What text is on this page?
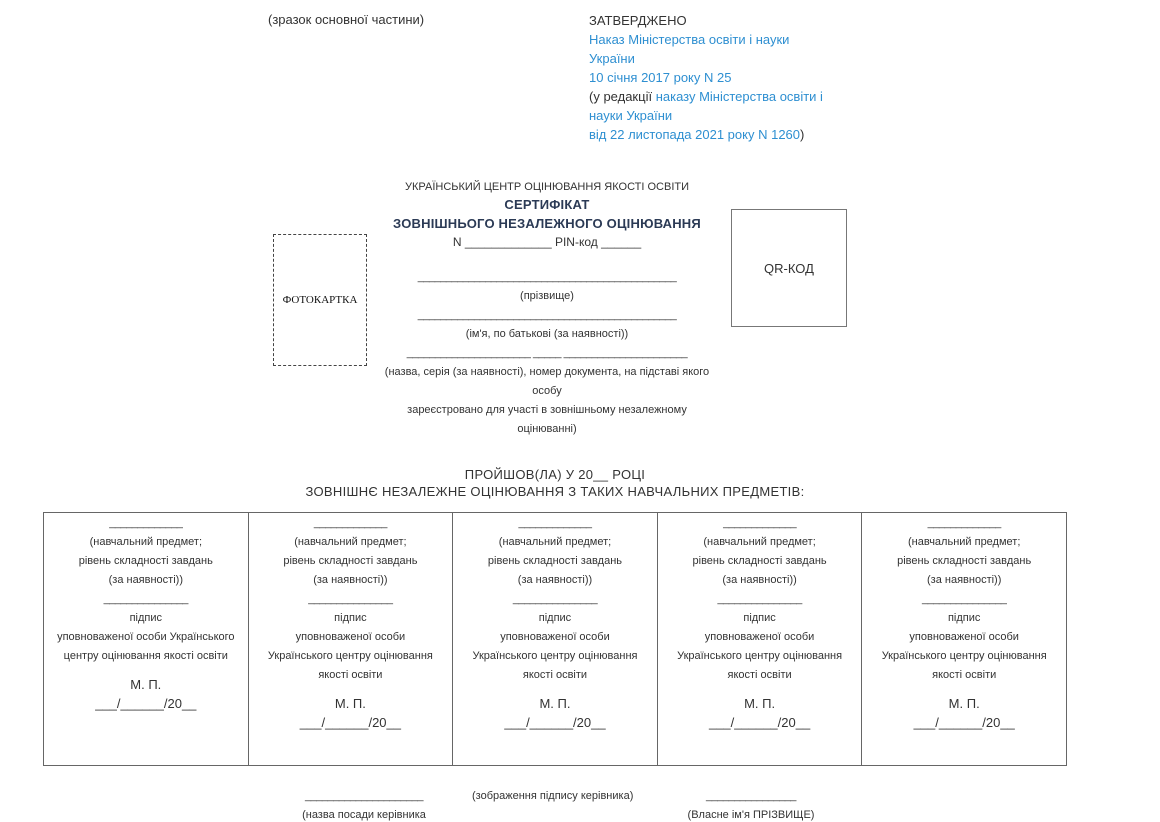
(зразок основної частини)	ЗАТВЕРДЖЕНО
Наказ Міністерства освіти і науки
України
10 січня 2017 року N 25
(у редакції наказу Міністерства освіти і
науки України
від 22 листопада 2021 року N 1260)
УКРАЇНСЬКИЙ ЦЕНТР ОЦІНЮВАННЯ ЯКОСТІ ОСВІТИ
СЕРТИФІКАТ
ЗОВНІШНЬОГО НЕЗАЛЕЖНОГО ОЦІНЮВАННЯ
N _____________ PIN-код ______
ФОТОКАРТКА
QR-КОД
______________________________________________
(прізвище)
______________________________________________
(ім'я, по батькові (за наявності))
______________________ _____ ______________________
(назва, серія (за наявності), номер документа, на підставі якого
особу
зареєстровано для участі в зовнішньому незалежному
оцінюванні)
ПРОЙШОВ(ЛА) У 20__ РОЦІ
ЗОВНІШНЄ НЕЗАЛЕЖНЕ ОЦІНЮВАННЯ З ТАКИХ НАВЧАЛЬНИХ ПРЕДМЕТІВ:
_____________
(навчальний предмет;
рівень складності завдань
(за наявності))
_______________
підпис
уповноваженої особи Українського
центру оцінювання якості освіти
М. П.
___/______/20__

_____________
(навчальний предмет;
рівень складності завдань
(за наявності))
_______________
підпис
уповноваженої особи
Українського центру оцінювання
якості освіти
М. П.
___/______/20__

_____________
(навчальний предмет;
рівень складності завдань
(за наявності))
_______________
підпис
уповноваженої особи
Українського центру оцінювання
якості освіти
М. П.
___/______/20__

_____________
(навчальний предмет;
рівень складності завдань
(за наявності))
_______________
підпис
уповноваженої особи
Українського центру оцінювання
якості освіти
М. П.
___/______/20__

_____________
(навчальний предмет;
рівень складності завдань
(за наявності))
_______________
підпис
уповноваженої особи
Українського центру оцінювання
якості освіти
М. П.
___/______/20__
_____________________
(назва посади керівника
(зображення підпису керівника)	________________
(Власне ім'я ПРІЗВИЩЕ)
